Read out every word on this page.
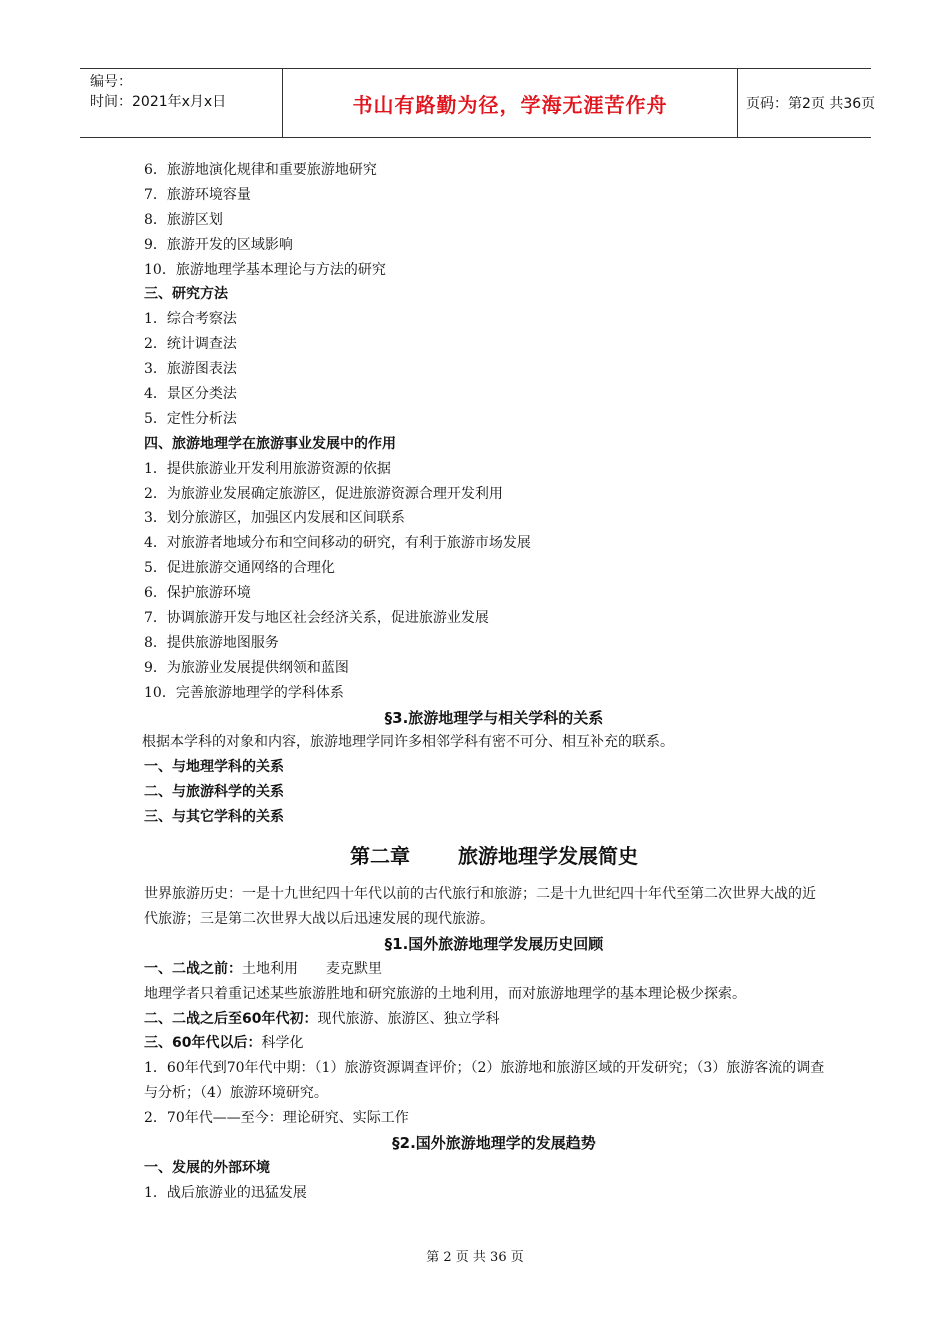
编号：
时间：2021年x月x日	书山有路勤为径，学海无涯苦作舟	页码：第2页 共36页
6．旅游地演化规律和重要旅游地研究
7．旅游环境容量
8．旅游区划
9．旅游开发的区域影响
10．旅游地理学基本理论与方法的研究
三、研究方法
1．综合考察法
2．统计调查法
3．旅游图表法
4．景区分类法
5．定性分析法
四、旅游地理学在旅游事业发展中的作用
1．提供旅游业开发利用旅游资源的依据
2．为旅游业发展确定旅游区，促进旅游资源合理开发利用
3．划分旅游区，加强区内发展和区间联系
4．对旅游者地域分布和空间移动的研究，有利于旅游市场发展
5．促进旅游交通网络的合理化
6．保护旅游环境
7．协调旅游开发与地区社会经济关系，促进旅游业发展
8．提供旅游地图服务
9．为旅游业发展提供纲领和蓝图
10．完善旅游地理学的学科体系
§3.旅游地理学与相关学科的关系
根据本学科的对象和内容，旅游地理学同许多相邻学科有密不可分、相互补充的联系。
一、与地理学科的关系
二、与旅游科学的关系
三、与其它学科的关系
第二章 旅游地理学发展简史
世界旅游历史：一是十九世纪四十年代以前的古代旅行和旅游；二是十九世纪四十年代至第二次世界大战的近代旅游；三是第二次世界大战以后迅速发展的现代旅游。
§1.国外旅游地理学发展历史回顾
一、二战之前：土地利用　　麦克默里
地理学者只着重记述某些旅游胜地和研究旅游的土地利用，而对旅游地理学的基本理论极少探索。
二、二战之后至60年代初：现代旅游、旅游区、独立学科
三、60年代以后：科学化
1．60年代到70年代中期：（1）旅游资源调查评价；（2）旅游地和旅游区域的开发研究；（3）旅游客流的调查与分析；（4）旅游环境研究。
2．70年代——至今：理论研究、实际工作
§2.国外旅游地理学的发展趋势
一、发展的外部环境
1．战后旅游业的迅猛发展
第 2 页 共 36 页
